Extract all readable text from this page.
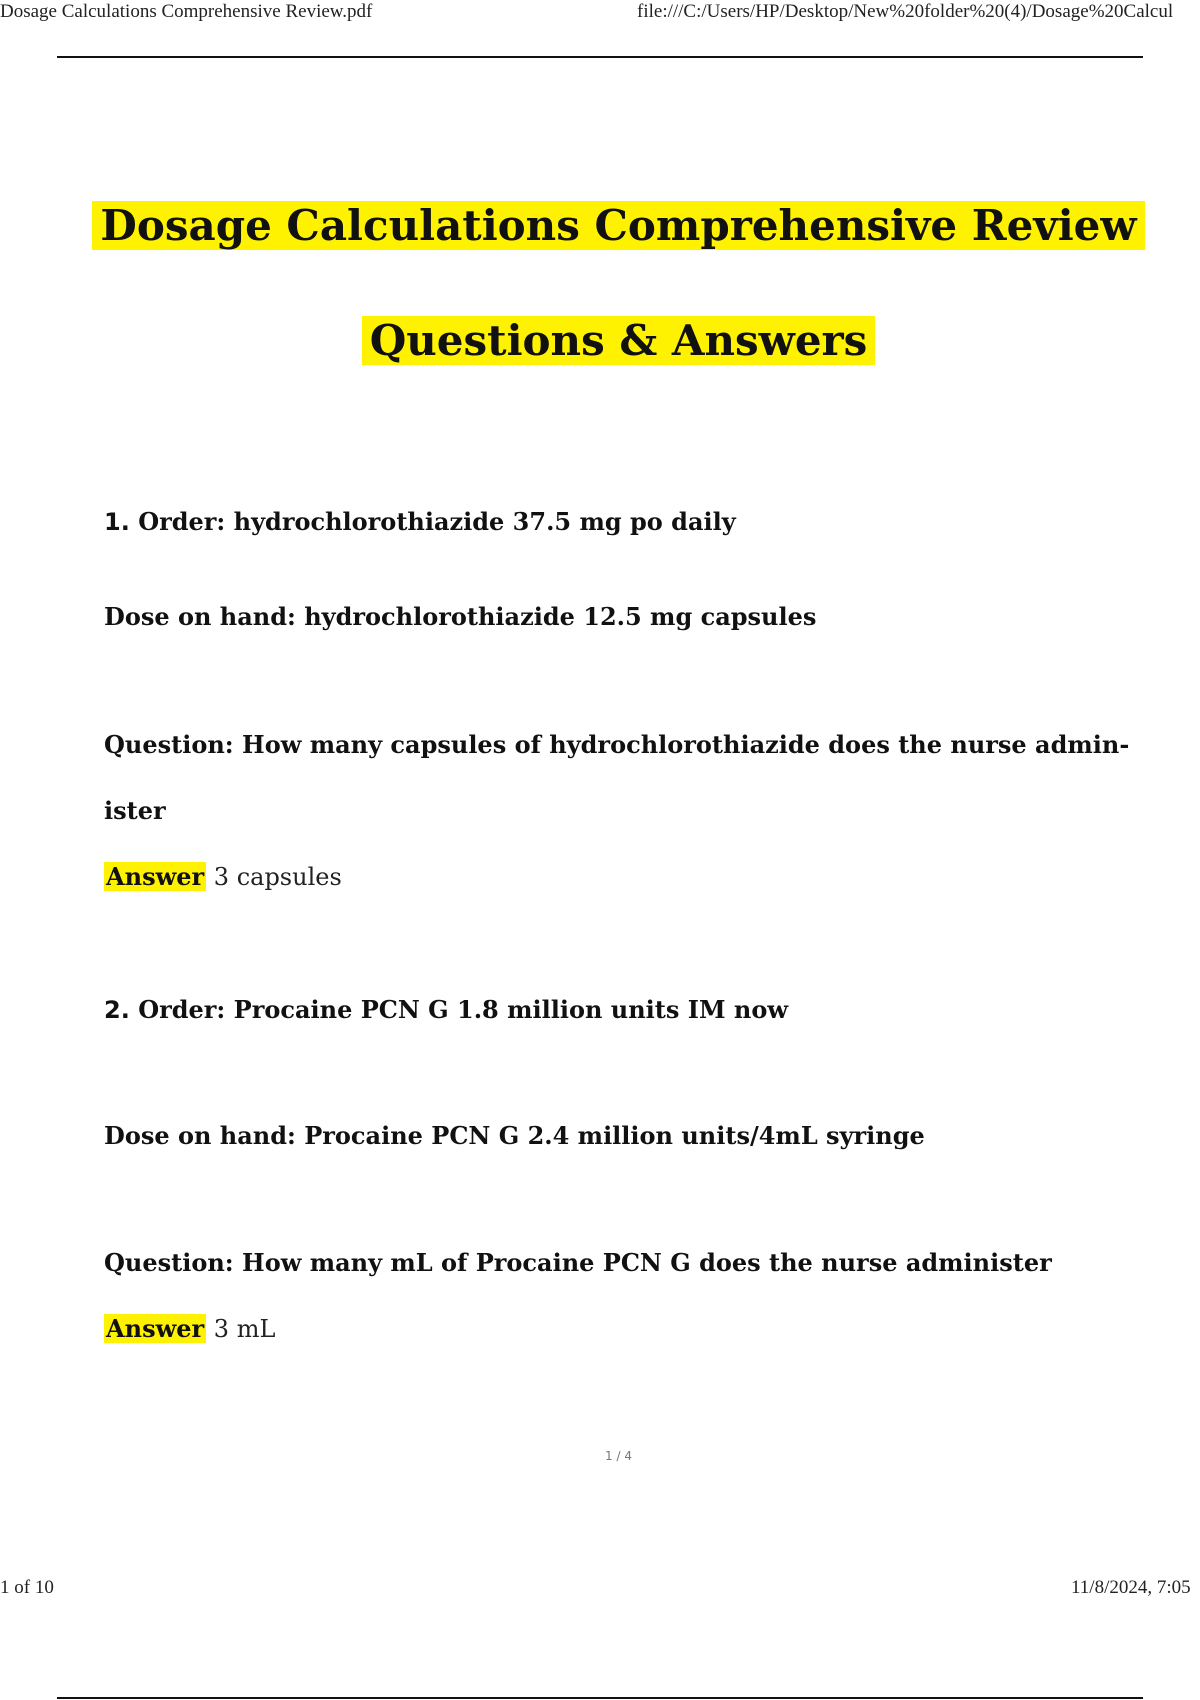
Dosage Calculations Comprehensive Review.pdf	file:///C:/Users/HP/Desktop/New%20folder%20(4)/Dosage%20Calcul
Dosage Calculations Comprehensive Review
Questions & Answers
1. Order: hydrochlorothiazide 37.5 mg po daily
Dose on hand: hydrochlorothiazide 12.5 mg capsules
Question: How many capsules of hydrochlorothiazide does the nurse admin-
ister
Answer 3 capsules
2. Order: Procaine PCN G 1.8 million units IM now
Dose on hand: Procaine PCN G 2.4 million units/4mL syringe
Question: How many mL of Procaine PCN G does the nurse administer
Answer 3 mL
1 / 4
1 of 10	11/8/2024, 7:05
